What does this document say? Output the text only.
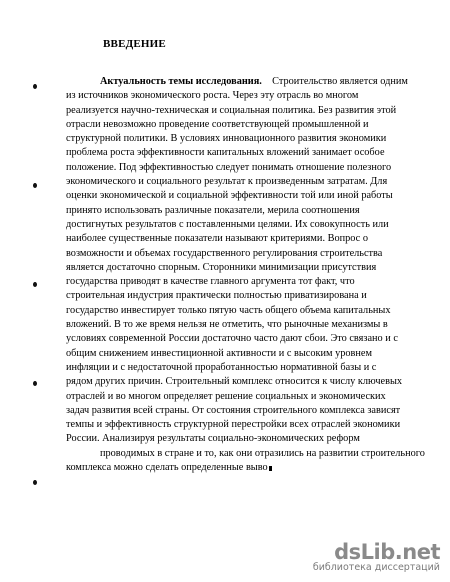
ВВЕДЕНИЕ
Актуальность темы исследования. Строительство является одним
из источников экономического роста. Через эту отрасль во многом
реализуется научно-техническая и социальная политика. Без развития этой
отрасли невозможно проведение соответствующей промышленной и
структурной политики. В условиях инновационного развития экономики
проблема роста эффективности капитальных вложений занимает особое
положение. Под эффективностью следует понимать отношение полезного
экономического и социального результат к произведенным затратам. Для
оценки экономической и социальной эффективности той или иной работы
принято использовать различные показатели, мерила соотношения
достигнутых результатов с поставленными целями. Их совокупность или
наиболее существенные показатели называют критериями. Вопрос о
возможности и объемах государственного регулирования строительства
является достаточно спорным. Сторонники минимизации присутствия
государства приводят в качестве главного аргумента тот факт, что
строительная индустрия практически полностью приватизирована и
государство инвестирует только пятую часть общего объема капитальных
вложений. В то же время нельзя не отметить, что рыночные механизмы в
условиях современной России достаточно часто дают сбои. Это связано и с
общим снижением инвестиционной активности и с высоким уровнем
инфляции и с недостаточной проработанностью нормативной базы и с
рядом других причин. Строительный комплекс относится к числу ключевых
отраслей и во многом определяет решение социальных и экономических
задач развития всей страны. От состояния строительного комплекса зависят
темпы и эффективность структурной перестройки всех отраслей экономики
России. Анализируя результаты социально-экономических реформ
проводимых в стране и то, как они отразились на развитии строительного
комплекса можно сделать определенные выво
dsLib.net
библиотека диссертаций
